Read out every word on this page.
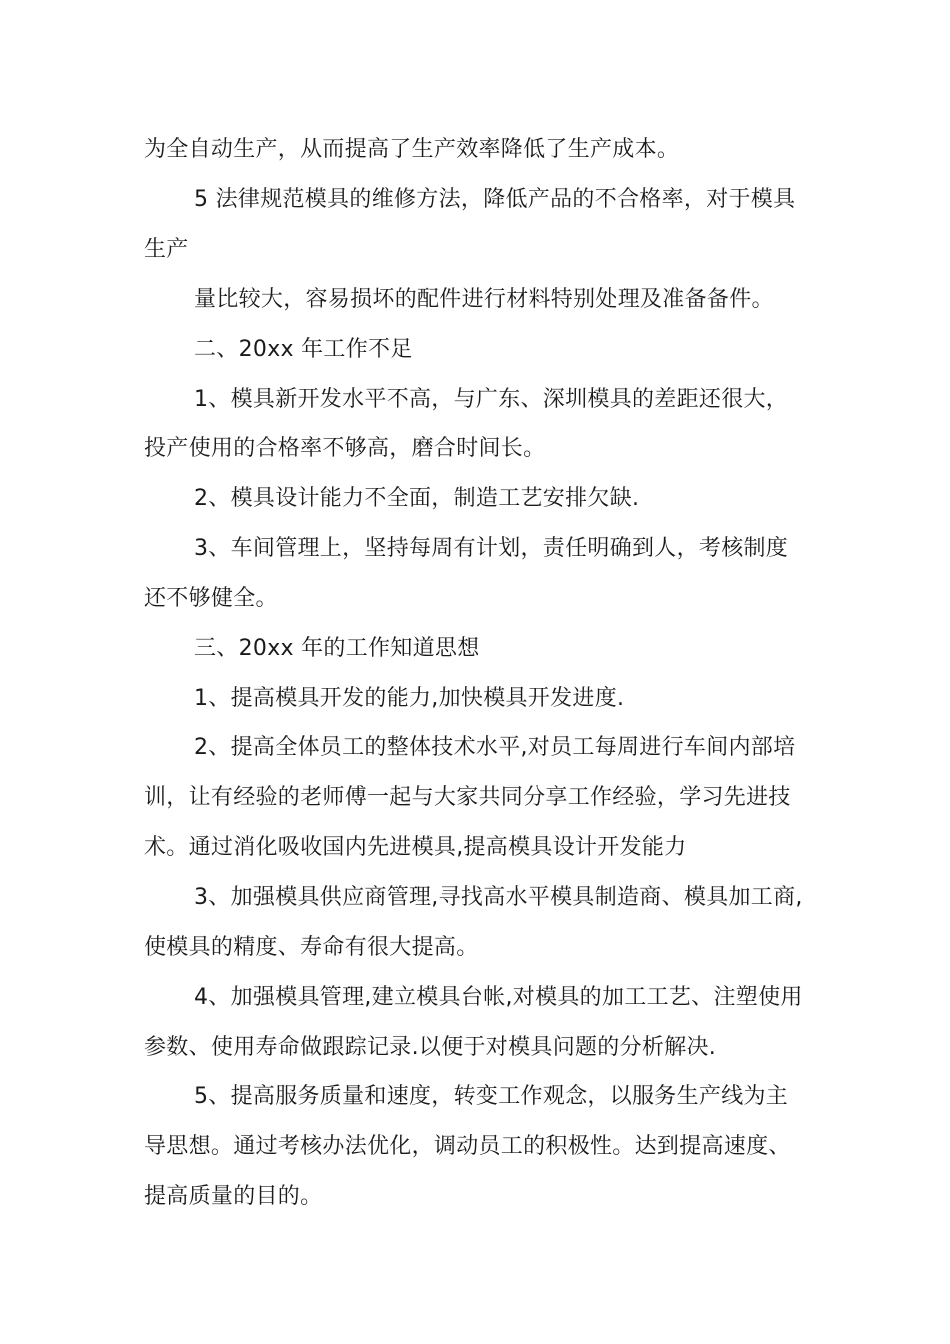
为全自动生产，从而提高了生产效率降低了生产成本。
5 法律规范模具的维修方法，降低产品的不合格率，对于模具
生产
量比较大，容易损坏的配件进行材料特别处理及准备备件。
二、20xx 年工作不足
1、模具新开发水平不高，与广东、深圳模具的差距还很大，
投产使用的合格率不够高，磨合时间长。
2、模具设计能力不全面，制造工艺安排欠缺.
3、车间管理上，坚持每周有计划，责任明确到人，考核制度
还不够健全。
三、20xx 年的工作知道思想
1、提高模具开发的能力,加快模具开发进度.
2、提高全体员工的整体技术水平,对员工每周进行车间内部培
训，让有经验的老师傅一起与大家共同分享工作经验，学习先进技
术。通过消化吸收国内先进模具,提高模具设计开发能力
3、加强模具供应商管理,寻找高水平模具制造商、模具加工商,
使模具的精度、寿命有很大提高。
4、加强模具管理,建立模具台帐,对模具的加工工艺、注塑使用
参数、使用寿命做跟踪记录.以便于对模具问题的分析解决.
5、提高服务质量和速度，转变工作观念，以服务生产线为主
导思想。通过考核办法优化，调动员工的积极性。达到提高速度、
提高质量的目的。
